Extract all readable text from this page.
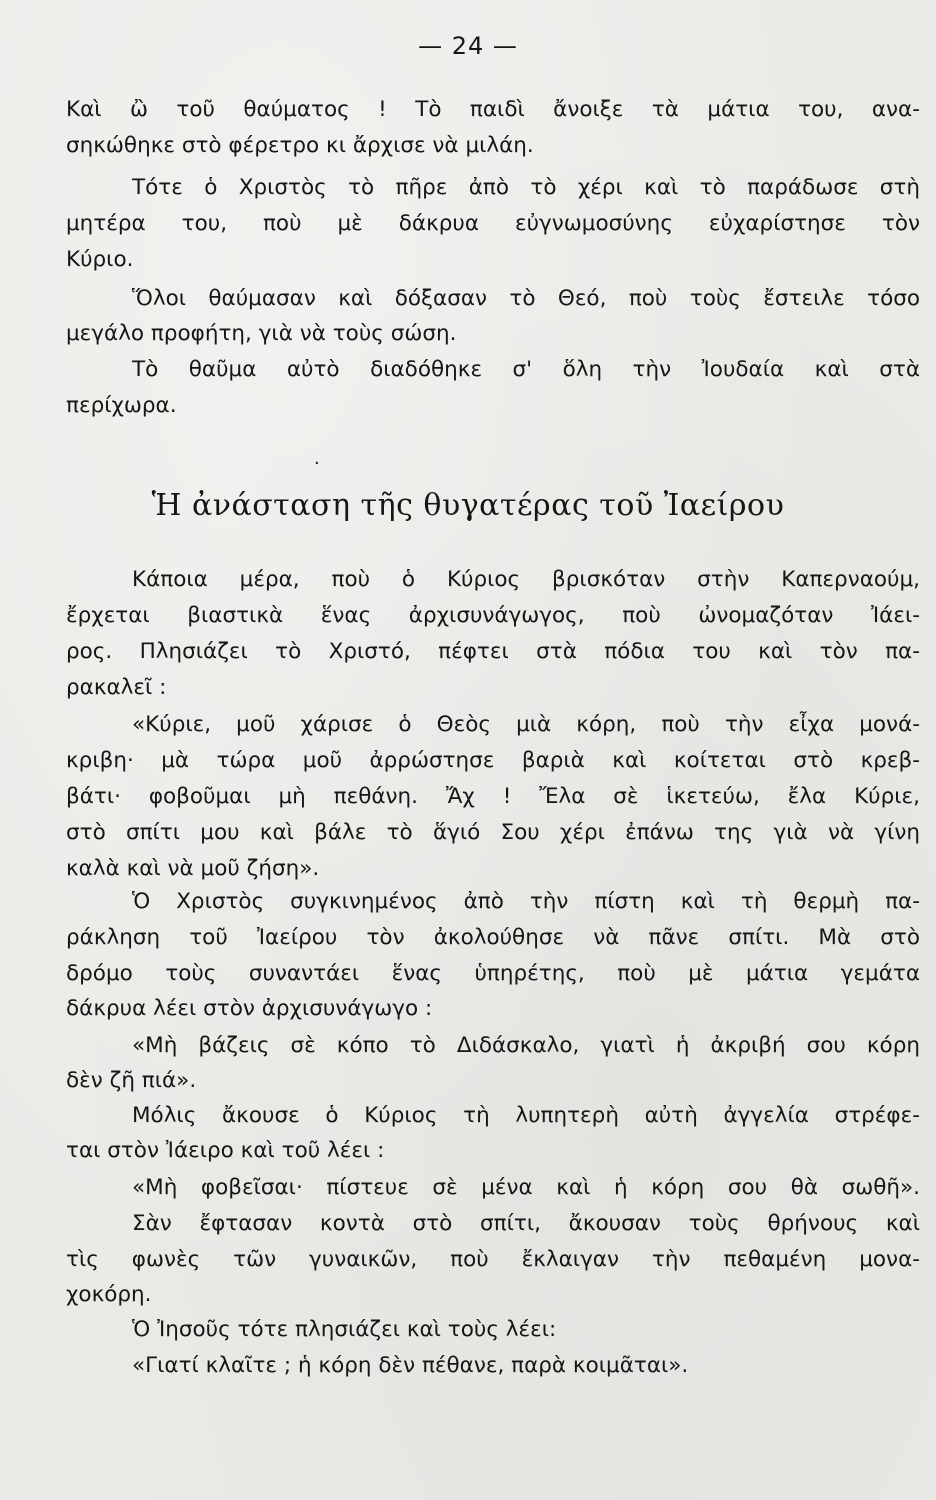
— 24 —
Καὶ ὢ τοῦ θαύματος ! Τὸ παιδὶ ἄνοιξε τὰ μάτια του, ανα-
σηκώθηκε στὸ φέρετρο κι ἄρχισε νὰ μιλάη.
Τότε ὁ Χριστὸς τὸ πῆρε ἀπὸ τὸ χέρι καὶ τὸ παράδωσε στὴ
μητέρα του, ποὺ μὲ δάκρυα εὐγνωμοσύνης εὐχαρίστησε τὸν
Κύριο.
Ὅλοι θαύμασαν καὶ δόξασαν τὸ Θεό, ποὺ τοὺς ἔστειλε τόσο
μεγάλο προφήτη, γιὰ νὰ τοὺς σώση.
Τὸ θαῦμα αὐτὸ διαδόθηκε σ' ὅλη τὴν Ἰουδαία καὶ στὰ
περίχωρα.
.
Ἡ ἀνάσταση τῆς θυγατέρας τοῦ Ἰαείρου
Κάποια μέρα, ποὺ ὁ Κύριος βρισκόταν στὴν Καπερναούμ,
ἔρχεται βιαστικὰ ἕνας ἀρχισυνάγωγος, ποὺ ὠνομαζόταν Ἰάει-
ρος. Πλησιάζει τὸ Χριστό, πέφτει στὰ πόδια του καὶ τὸν πα-
ρακαλεῖ :
«Κύριε, μοῦ χάρισε ὁ Θεὸς μιὰ κόρη, ποὺ τὴν εἶχα μονά-
κριβη· μὰ τώρα μοῦ ἀρρώστησε βαριὰ καὶ κοίτεται στὸ κρεβ-
βάτι· φοβοῦμαι μὴ πεθάνη. Ἄχ ! Ἔλα σὲ ἱκετεύω, ἔλα Κύριε,
στὸ σπίτι μου καὶ βάλε τὸ ἅγιό Σου χέρι ἐπάνω της γιὰ νὰ γίνη
καλὰ καὶ νὰ μοῦ ζήση».
Ὁ Χριστὸς συγκινημένος ἀπὸ τὴν πίστη καὶ τὴ θερμὴ πα-
ράκληση τοῦ Ἰαείρου τὸν ἀκολούθησε νὰ πᾶνε σπίτι. Μὰ στὸ
δρόμο τοὺς συναντάει ἕνας ὑπηρέτης, ποὺ μὲ μάτια γεμάτα
δάκρυα λέει στὸν ἀρχισυνάγωγο :
«Μὴ βάζεις σὲ κόπο τὸ Διδάσκαλο, γιατὶ ἡ ἀκριβή σου κόρη
δὲν ζῆ πιά».
Μόλις ἄκουσε ὁ Κύριος τὴ λυπητερὴ αὐτὴ ἀγγελία στρέφε-
ται στὸν Ἰάειρο καὶ τοῦ λέει :
«Μὴ φοβεῖσαι· πίστευε σὲ μένα καὶ ἡ κόρη σου θὰ σωθῆ».
Σὰν ἔφτασαν κοντὰ στὸ σπίτι, ἄκουσαν τοὺς θρήνους καὶ
τὶς φωνὲς τῶν γυναικῶν, ποὺ ἔκλαιγαν τὴν πεθαμένη μονα-
χοκόρη.
Ὁ Ἰησοῦς τότε πλησιάζει καὶ τοὺς λέει:
«Γιατί κλαῖτε ; ἡ κόρη δὲν πέθανε, παρὰ κοιμᾶται».
